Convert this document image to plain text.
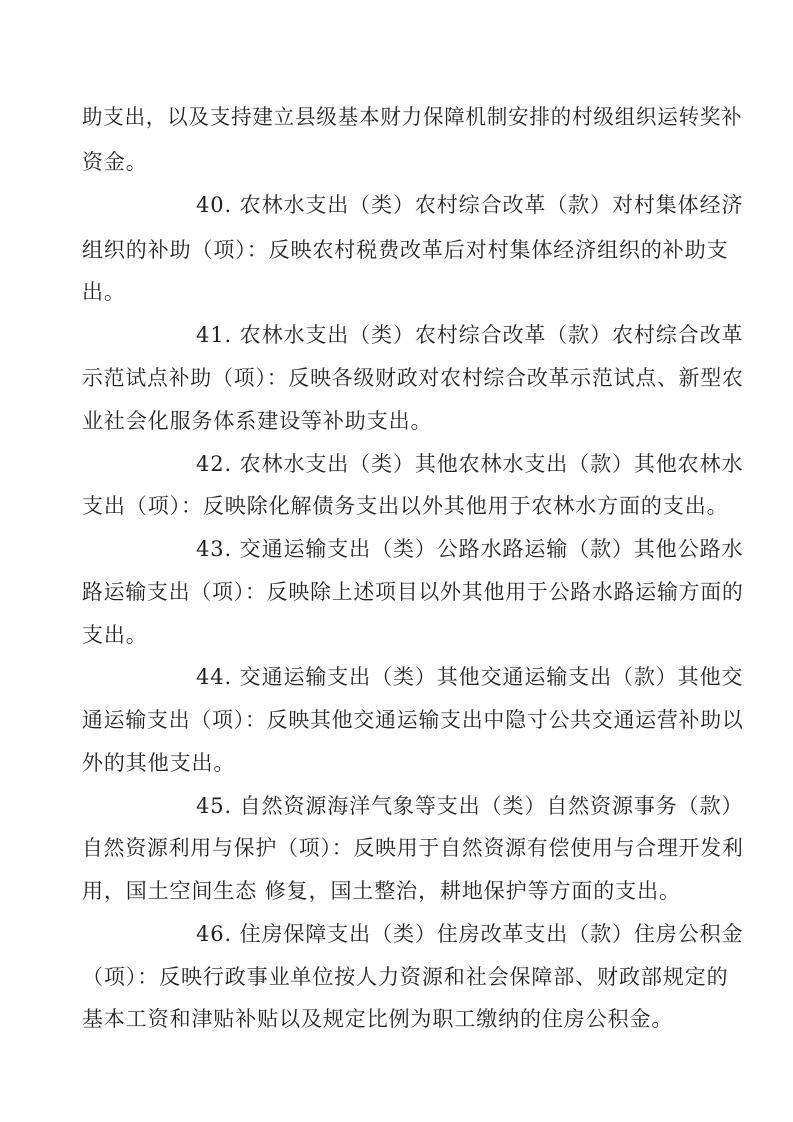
助支出，以及支持建立县级基本财力保障机制安排的村级组织运转奖补

资金。

40. 农林水支出（类）农村综合改革（款）对村集体经济

组织的补助（项）：反映农村税费改革后对村集体经济组织的补助支

出。

41. 农林水支出（类）农村综合改革（款）农村综合改革

示范试点补助（项）：反映各级财政对农村综合改革示范试点、新型农

业社会化服务体系建设等补助支出。

42. 农林水支出（类）其他农林水支出（款）其他农林水

支出（项）：反映除化解债务支出以外其他用于农林水方面的支出。

43. 交通运输支出（类）公路水路运输（款）其他公路水

路运输支出（项）：反映除上述项目以外其他用于公路水路运输方面的

支出。

44. 交通运输支出（类）其他交通运输支出（款）其他交

通运输支出（项）：反映其他交通运输支出中隐寸公共交通运营补助以

外的其他支出。

45. 自然资源海洋气象等支出（类）自然资源事务（款）

自然资源利用与保护（项）：反映用于自然资源有偿使用与合理开发利

用，国土空间生态 修复，国土整治，耕地保护等方面的支出。

46. 住房保障支出（类）住房改革支出（款）住房公积金

（项）：反映行政事业单位按人力资源和社会保障部、财政部规定的

基本工资和津贴补贴以及规定比例为职工缴纳的住房公积金。
